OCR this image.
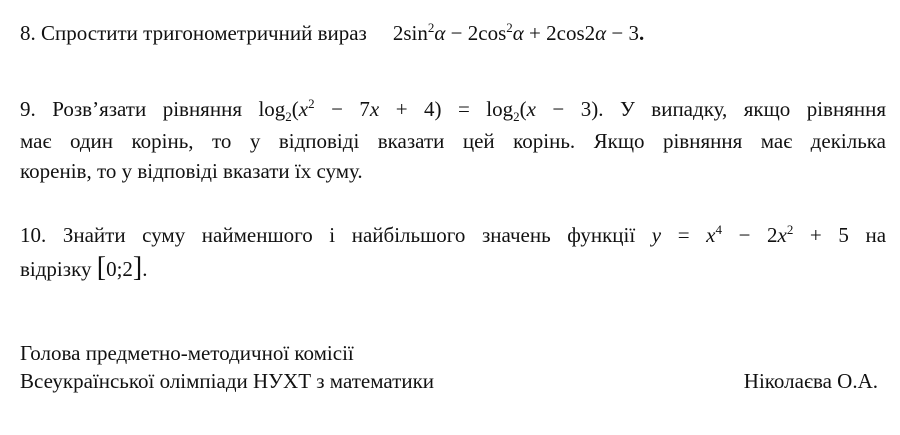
8. Спростити тригонометричний вираз $2\sin^2\alpha - 2\cos^2\alpha + 2\cos 2\alpha - 3$.
9. Розв’язати рівняння $\log_2(x^2 - 7x + 4) = \log_2(x - 3)$. У випадку, якщо рівняння
має один корінь, то у відповіді вказати цей корінь. Якщо рівняння має декілька
коренів, то у відповіді вказати їх суму.
10. Знайти суму найменшого і найбільшого значень функції $y = x^4 - 2x^2 + 5$ на
відрізку [0;2].
Голова предметно-методичної комісії
Всеукраїнської олімпіади НУХТ з математики	Ніколаєва О.А.
